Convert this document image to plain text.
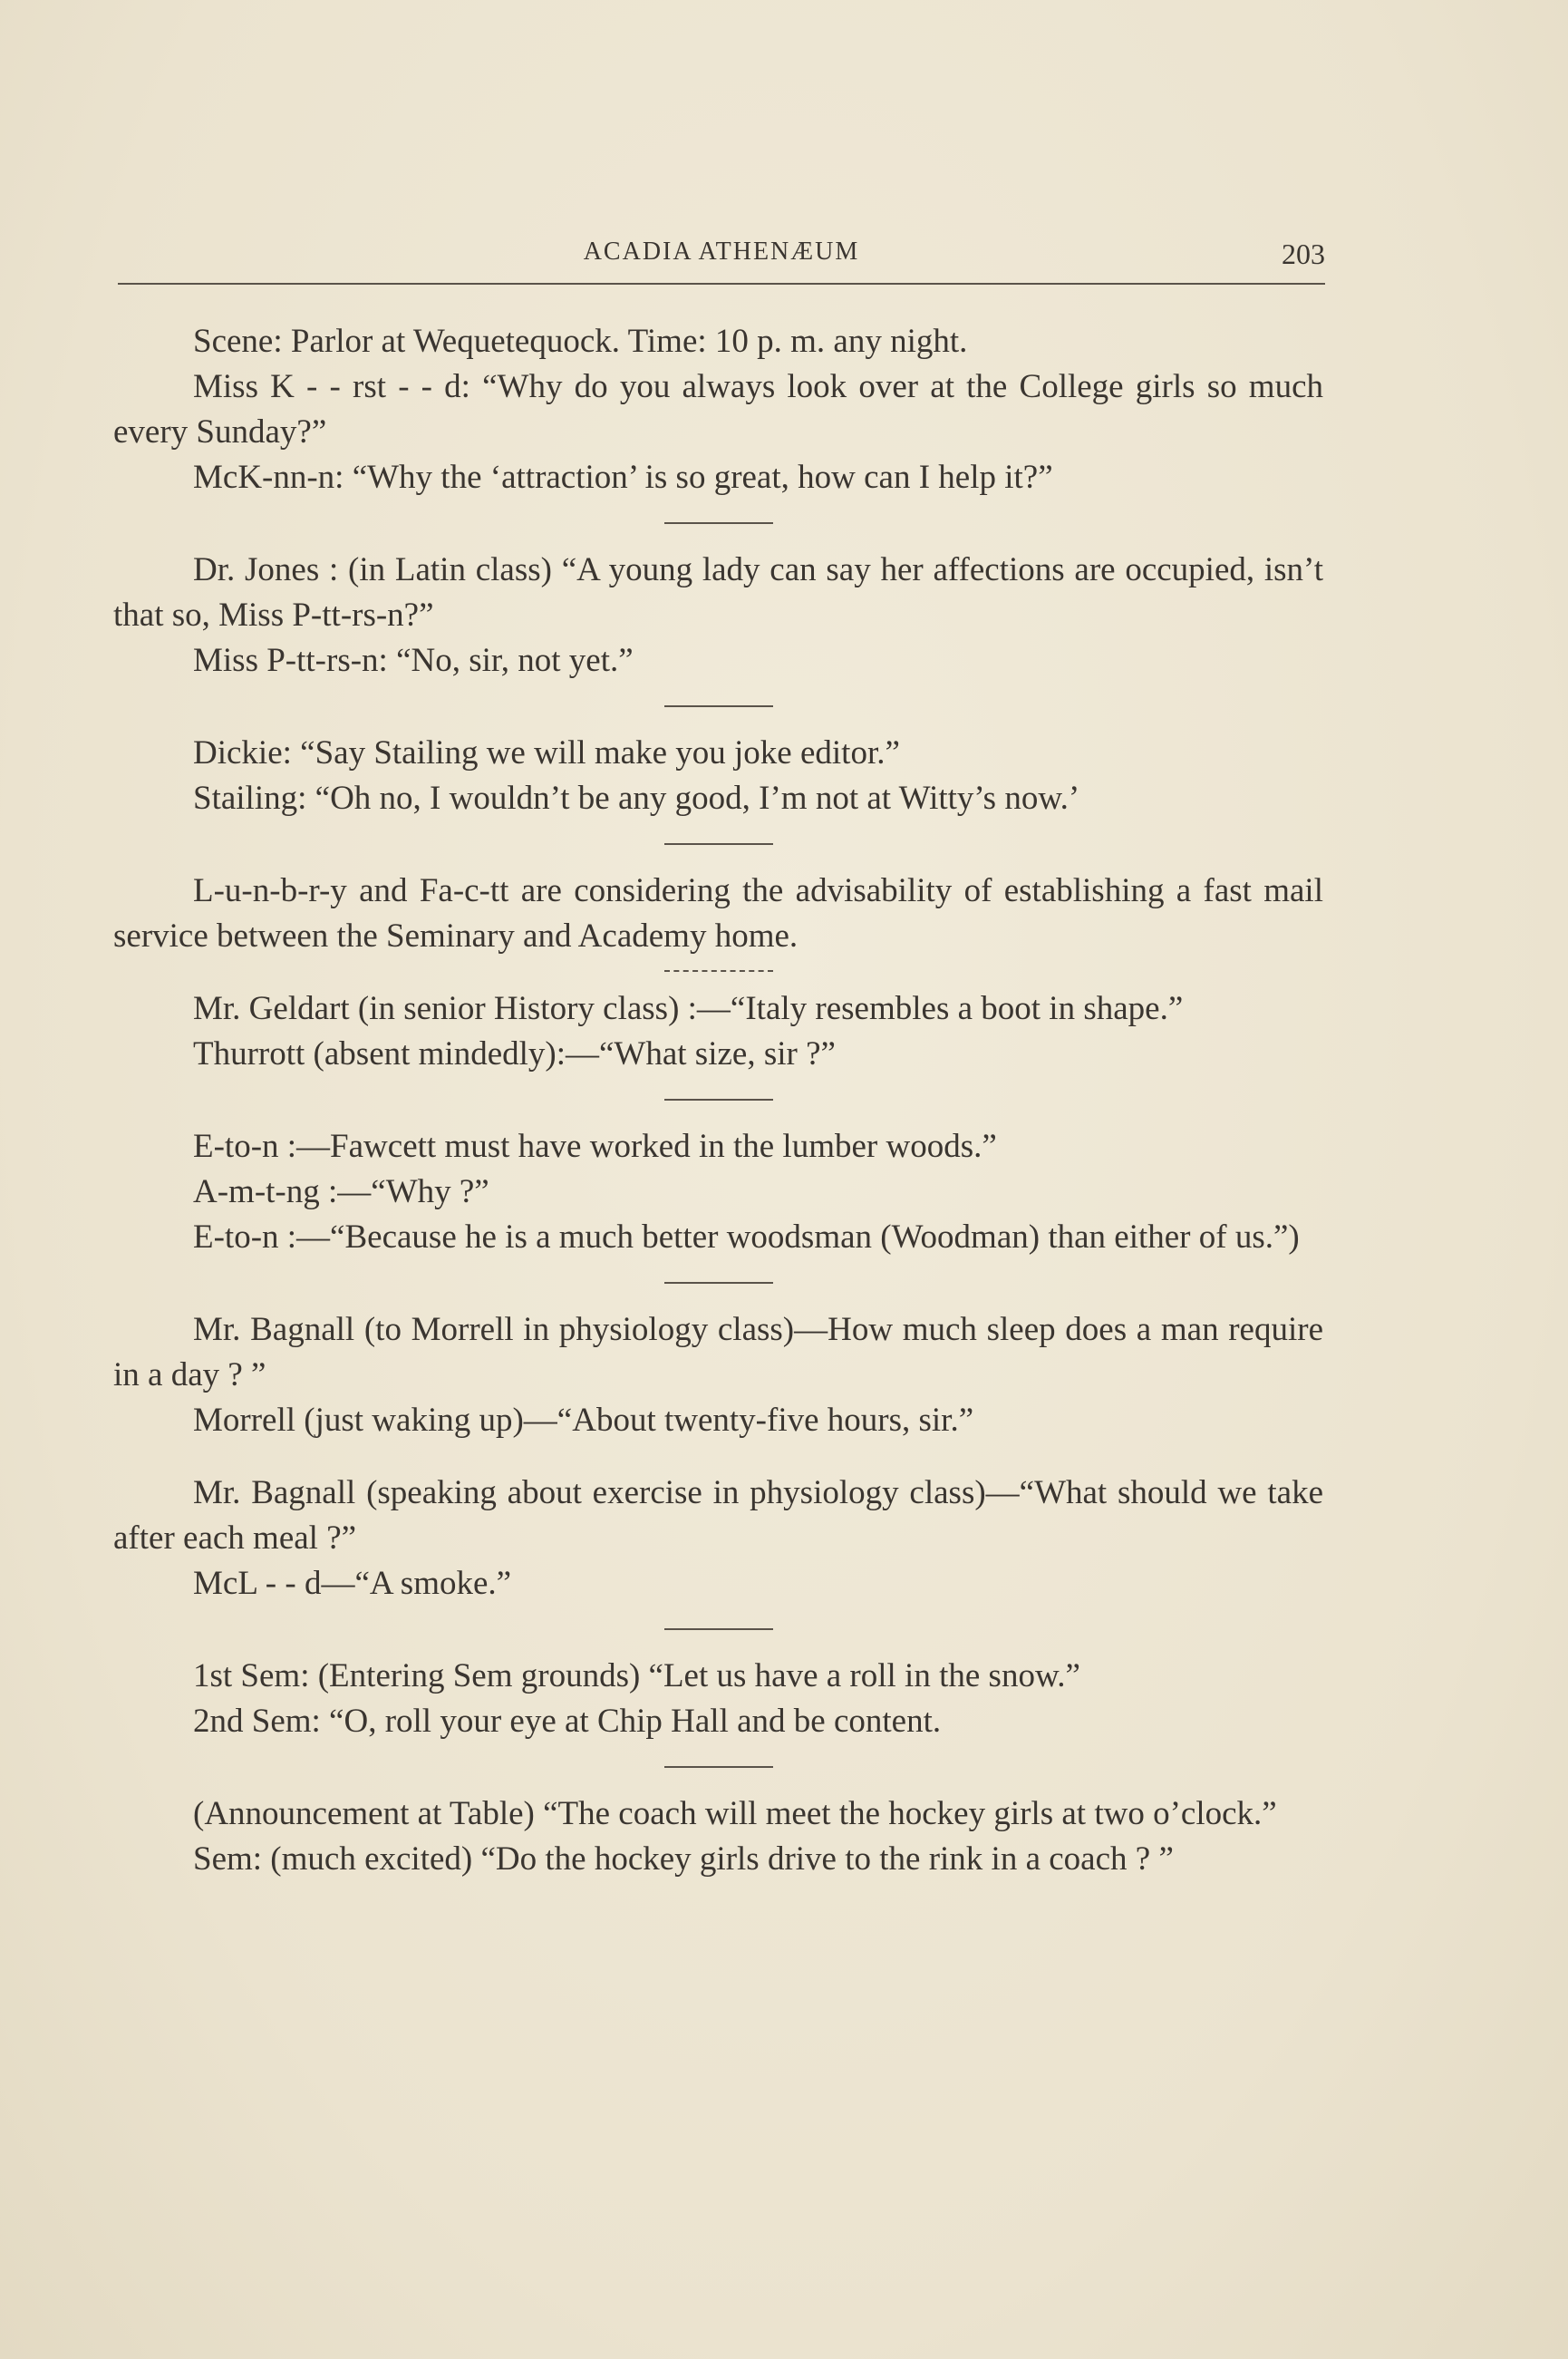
ACADIA ATHENÆUM	203

Scene: Parlor at Wequetequock. Time: 10 p. m. any night.

Miss K - - rst - - d: “Why do you always look over at the College girls so much every Sunday?”

McK-nn-n: “Why the ‘attraction’ is so great, how can I help it?”

Dr. Jones : (in Latin class) “A young lady can say her affections are occupied, isn’t that so, Miss P-tt-rs-n?”

Miss P-tt-rs-n: “No, sir, not yet.”

Dickie: “Say Stailing we will make you joke editor.”

Stailing: “Oh no, I wouldn’t be any good, I’m not at Witty’s now.’

L-u-n-b-r-y and Fa-c-tt are considering the advisability of establishing a fast mail service between the Seminary and Academy home.

Mr. Geldart (in senior History class) :—“Italy resembles a boot in shape.”

Thurrott (absent mindedly):—“What size, sir ?”

E-to-n :—Fawcett must have worked in the lumber woods.”

A-m-t-ng :—“Why ?”

E-to-n :—“Because he is a much better woodsman (Woodman) than either of us.”)

Mr. Bagnall (to Morrell in physiology class)—How much sleep does a man require in a day ? ”

Morrell (just waking up)—“About twenty-five hours, sir.”

Mr. Bagnall (speaking about exercise in physiology class)—“What should we take after each meal ?”

McL - - d—“A smoke.”

1st Sem: (Entering Sem grounds) “Let us have a roll in the snow.”

2nd Sem: “O, roll your eye at Chip Hall and be content.

(Announcement at Table) “The coach will meet the hockey girls at two o’clock.”

Sem: (much excited) “Do the hockey girls drive to the rink in a coach ? ”
